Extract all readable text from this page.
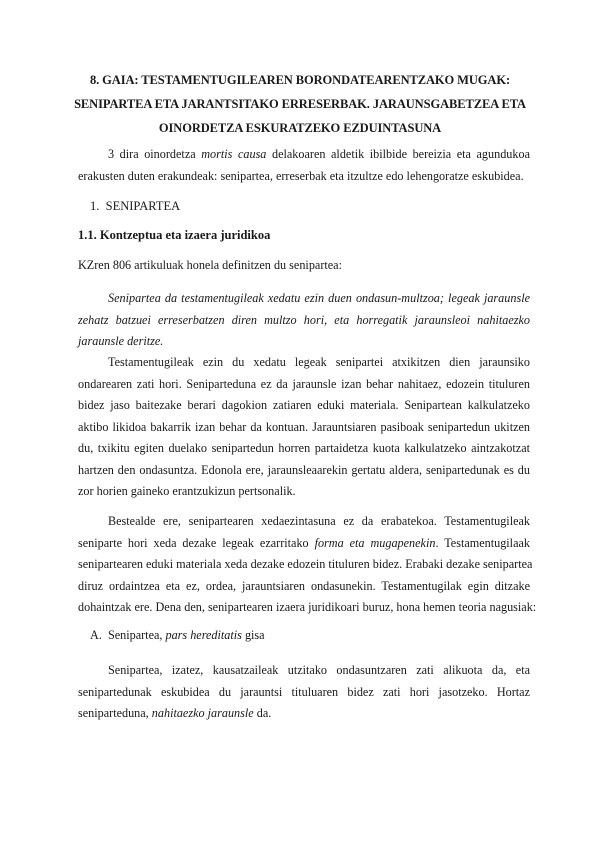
8. GAIA: TESTAMENTUGILEAREN BORONDATEARENTZAKO MUGAK:
SENIPARTEA ETA JARANTSITAKO ERRESERBAK. JARAUNSGABETZEA ETA
OINORDETZA ESKURATZEKO EZDUINTASUNA
3 dira oinordetza mortis causa delakoaren aldetik ibilbide bereizia eta agundukoa
erakusten duten erakundeak: senipartea, erreserbak eta itzultze edo lehengoratze eskubidea.
1. SENIPARTEA
1.1. Kontzeptua eta izaera juridikoa
KZren 806 artikuluak honela definitzen du senipartea:
Senipartea da testamentugileak xedatu ezin duen ondasun-multzoa; legeak jaraunsle
zehatz batzuei erreserbatzen diren multzo hori, eta horregatik jaraunsleoi nahitaezko
jaraunsle deritze.
Testamentugileak ezin du xedatu legeak senipartei atxikitzen dien jaraunsiko
ondarearen zati hori. Seniparteduna ez da jaraunsle izan behar nahitaez, edozein tituluren
bidez jaso baitezake berari dagokion zatiaren eduki materiala. Senipartean kalkulatzeko
aktibo likidoa bakarrik izan behar da kontuan. Jarauntsiaren pasiboak senipartedun ukitzen
du, txikitu egiten duelako senipartedun horren partaidetza kuota kalkulatzeko aintzakotzat
hartzen den ondasuntza. Edonola ere, jaraunsleaarekin gertatu aldera, senipartedunak es du
zor horien gaineko erantzukizun pertsonalik.
Bestealde ere, senipartearen xedaezintasuna ez da erabatekoa. Testamentugileak
seniparte hori xeda dezake legeak ezarritako forma eta mugapenekin. Testamentugilaak
senipartearen eduki materiala xeda dezake edozein tituluren bidez. Erabaki dezake senipartea
diruz ordaintzea eta ez, ordea, jarauntsiaren ondasunekin. Testamentugilak egin ditzake
dohaintzak ere. Dena den, senipartearen izaera juridikoari buruz, hona hemen teoria nagusiak:
A. Senipartea, pars hereditatis gisa
Senipartea, izatez, kausatzaileak utzitako ondasuntzaren zati alikuota da, eta
senipartedunak eskubidea du jarauntsi tituluaren bidez zati hori jasotzeko. Hortaz
seniparteduna, nahitaezko jaraunsle da.
